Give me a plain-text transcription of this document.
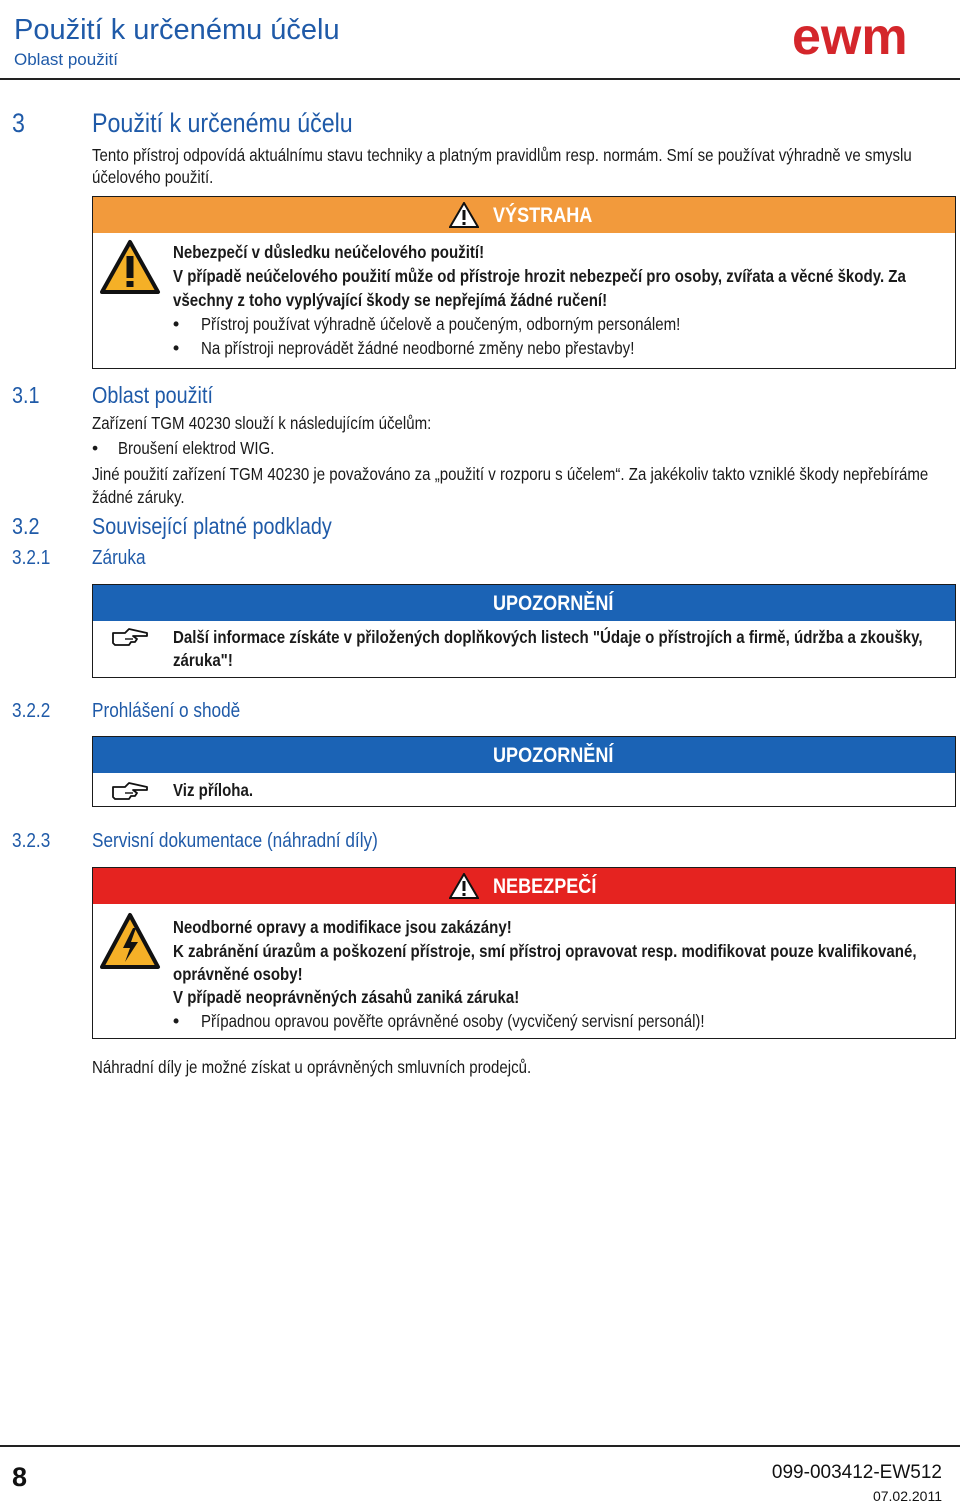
Použití k určenému účelu
Oblast použití	ewm
3 Použití k určenému účelu
Tento přístroj odpovídá aktuálnímu stavu techniky a platným pravidlům resp. normám. Smí se používat výhradně ve smyslu
účelového použití.
VÝSTRAHA
Nebezpečí v důsledku neúčelového použití!
V případě neúčelového použití může od přístroje hrozit nebezpečí pro osoby, zvířata a věcné škody. Za
všechny z toho vyplývající škody se nepřejímá žádné ručení!
• Přístroj používat výhradně účelově a poučeným, odborným personálem!
• Na přístroji neprovádět žádné neodborné změny nebo přestavby!
3.1 Oblast použití
Zařízení TGM 40230 slouží k následujícím účelům:
• Broušení elektrod WIG.
Jiné použití zařízení TGM 40230 je považováno za „použití v rozporu s účelem“. Za jakékoliv takto vzniklé škody nepřebíráme
žádné záruky.
3.2 Související platné podklady
3.2.1 Záruka
UPOZORNĚNÍ
Další informace získáte v přiložených doplňkových listech "Údaje o přístrojích a firmě, údržba a zkoušky,
záruka"!
3.2.2 Prohlášení o shodě
UPOZORNĚNÍ
Viz příloha.
3.2.3 Servisní dokumentace (náhradní díly)
NEBEZPEČÍ
Neodborné opravy a modifikace jsou zakázány!
K zabránění úrazům a poškození přístroje, smí přístroj opravovat resp. modifikovat pouze kvalifikované,
oprávněné osoby!
V případě neoprávněných zásahů zaniká záruka!
• Případnou opravou pověřte oprávněné osoby (vycvičený servisní personál)!
Náhradní díly je možné získat u oprávněných smluvních prodejců.
8	099-003412-EW512
07.02.2011
